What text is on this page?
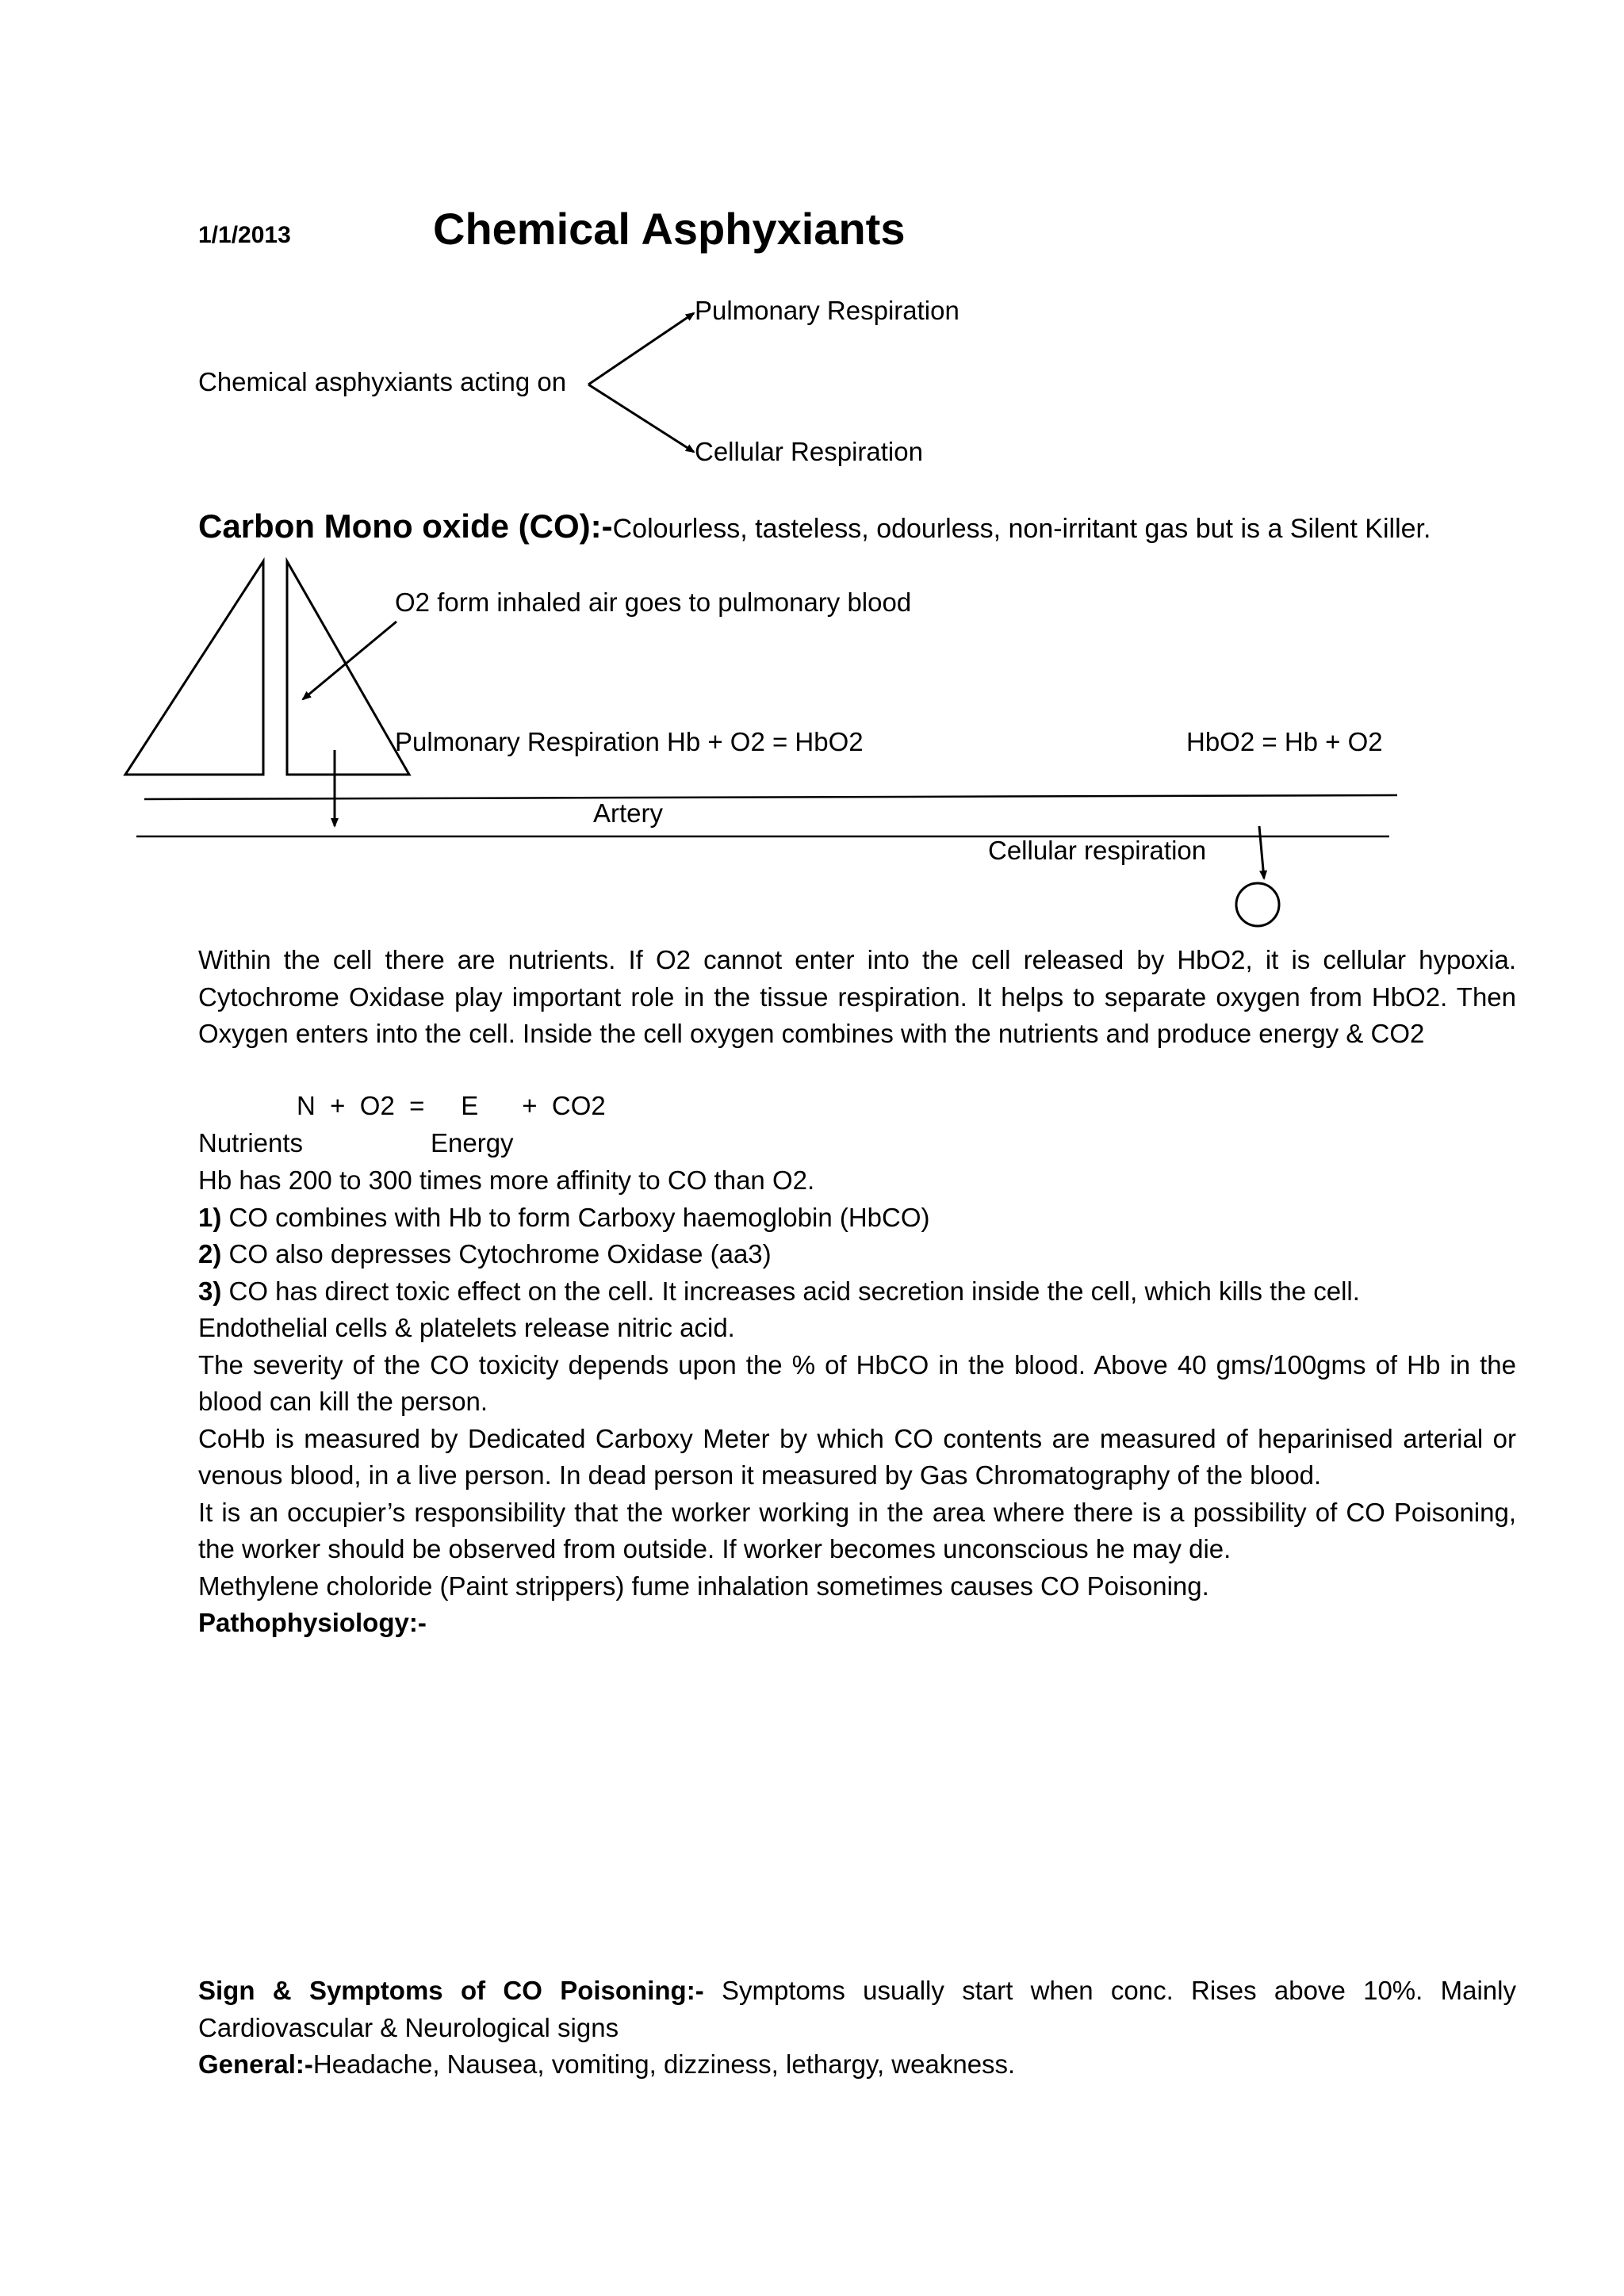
1/1/2013	Chemical Asphyxiants
Pulmonary Respiration
Chemical asphyxiants acting on
Cellular Respiration
Carbon Mono oxide (CO):-Colourless, tasteless, odourless, non-irritant gas but is a Silent Killer.
O2 form inhaled air goes to pulmonary blood
Pulmonary Respiration Hb + O2 = HbO2	HbO2 = Hb + O2
Artery
Cellular respiration

Within the cell there are nutrients. If O2 cannot enter into the cell released by HbO2, it is cellular hypoxia. Cytochrome Oxidase play important role in the tissue respiration. It helps to separate oxygen from HbO2. Then Oxygen enters into the cell. Inside the cell oxygen combines with the nutrients and produce energy & CO2

N  +  O2  =     E      +  CO2
Nutrients	Energy

Hb has 200 to 300 times more affinity to CO than O2.

1) CO combines with Hb to form Carboxy haemoglobin (HbCO)

2) CO also depresses Cytochrome Oxidase (aa3)

3) CO has direct toxic effect on the cell. It increases acid secretion inside the cell, which kills the cell.

Endothelial cells & platelets release nitric acid.

The severity of the CO toxicity depends upon the % of HbCO in the blood. Above 40 gms/100gms of Hb in the blood can kill the person.

CoHb is measured by Dedicated Carboxy Meter by which CO contents are measured of heparinised arterial or venous blood, in a live person. In dead person it measured by Gas Chromatography of the blood.

It is an occupier’s responsibility that the worker working in the area where there is a possibility of CO Poisoning, the worker should be observed from outside. If worker becomes unconscious he may die.

Methylene choloride (Paint strippers) fume inhalation sometimes causes CO Poisoning.

Pathophysiology:-

Sign & Symptoms of CO Poisoning:- Symptoms usually start when conc. Rises above 10%. Mainly Cardiovascular & Neurological signs

General:-Headache, Nausea, vomiting, dizziness, lethargy, weakness.
